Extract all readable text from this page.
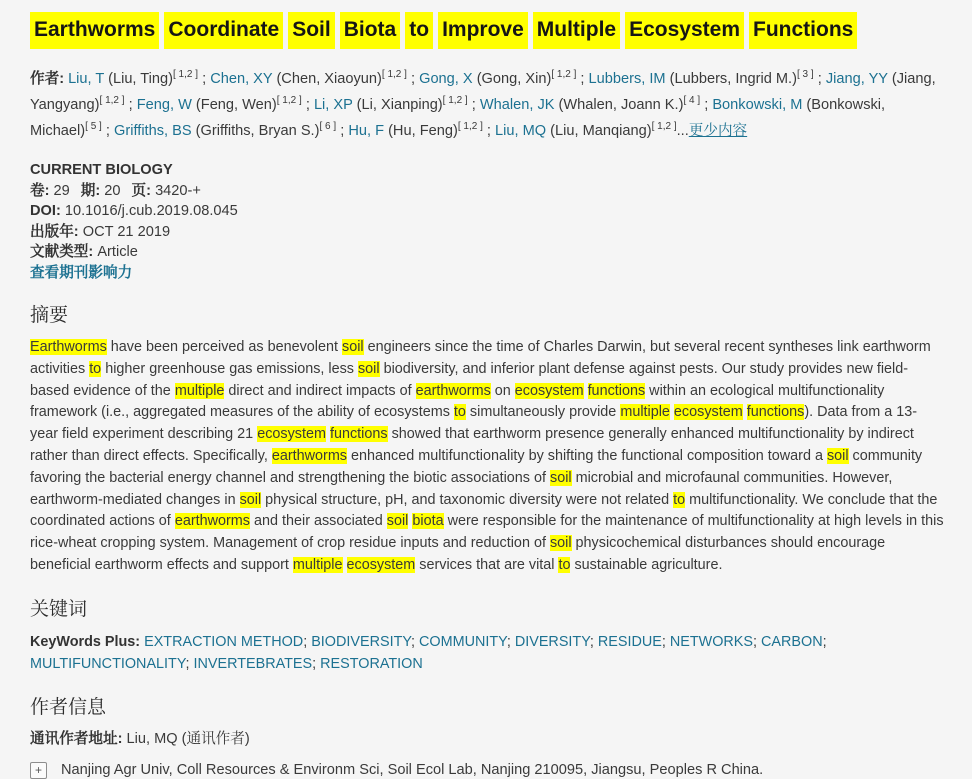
Earthworms Coordinate Soil Biota to Improve Multiple Ecosystem Functions

作者: Liu, T (Liu, Ting)[ 1,2 ] ; Chen, XY (Chen, Xiaoyun)[ 1,2 ] ; Gong, X (Gong, Xin)[ 1,2 ] ; Lubbers, IM (Lubbers, Ingrid M.)[ 3 ] ; Jiang, YY (Jiang, Yangyang)[ 1,2 ] ; Feng, W (Feng, Wen)[ 1,2 ] ; Li, XP (Li, Xianping)[ 1,2 ] ; Whalen, JK (Whalen, Joann K.)[ 4 ] ; Bonkowski, M (Bonkowski, Michael)[ 5 ] ; Griffiths, BS (Griffiths, Bryan S.)[ 6 ] ; Hu, F (Hu, Feng)[ 1,2 ] ; Liu, MQ (Liu, Manqiang)[ 1,2 ]...更少内容

CURRENT BIOLOGY

卷: 29 期: 20 页: 3420-+

DOI: 10.1016/j.cub.2019.08.045

出版年: OCT 21 2019

文献类型: Article

查看期刊影响力

摘要

Earthworms have been perceived as benevolent soil engineers since the time of Charles Darwin, but several recent syntheses link earthworm activities to higher greenhouse gas emissions, less soil biodiversity, and inferior plant defense against pests. Our study provides new field-based evidence of the multiple direct and indirect impacts of earthworms on ecosystem functions within an ecological multifunctionality framework (i.e., aggregated measures of the ability of ecosystems to simultaneously provide multiple ecosystem functions). Data from a 13-year field experiment describing 21 ecosystem functions showed that earthworm presence generally enhanced multifunctionality by indirect rather than direct effects. Specifically, earthworms enhanced multifunctionality by shifting the functional composition toward a soil community favoring the bacterial energy channel and strengthening the biotic associations of soil microbial and microfaunal communities. However, earthworm-mediated changes in soil physical structure, pH, and taxonomic diversity were not related to multifunctionality. We conclude that the coordinated actions of earthworms and their associated soil biota were responsible for the maintenance of multifunctionality at high levels in this rice-wheat cropping system. Management of crop residue inputs and reduction of soil physicochemical disturbances should encourage beneficial earthworm effects and support multiple ecosystem services that are vital to sustainable agriculture.

关键词

KeyWords Plus: EXTRACTION METHOD; BIODIVERSITY; COMMUNITY; DIVERSITY; RESIDUE; NETWORKS; CARBON; MULTIFUNCTIONALITY; INVERTEBRATES; RESTORATION

作者信息

通讯作者地址: Liu, MQ (通讯作者)

+	Nanjing Agr Univ, Coll Resources & Environm Sci, Soil Ecol Lab, Nanjing 210095, Jiangsu, Peoples R China.
